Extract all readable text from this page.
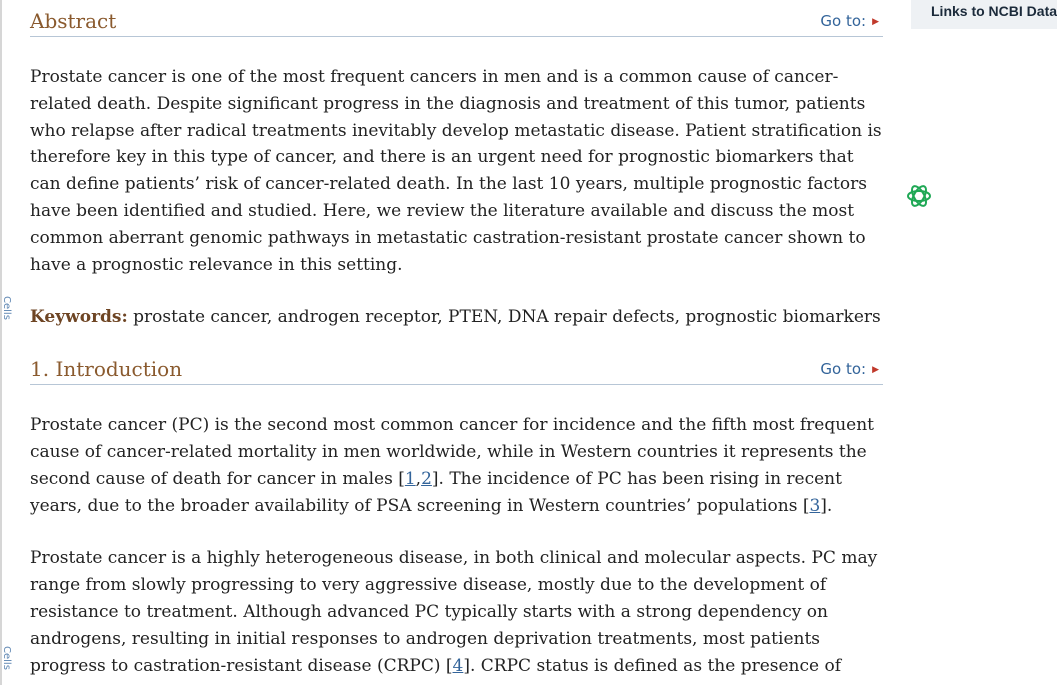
Cells
Cells
Links to NCBI Data
Abstract	Go to: ▶

Prostate cancer is one of the most frequent cancers in men and is a common cause of cancer-related death. Despite significant progress in the diagnosis and treatment of this tumor, patients who relapse after radical treatments inevitably develop metastatic disease. Patient stratification is therefore key in this type of cancer, and there is an urgent need for prognostic biomarkers that can define patients’ risk of cancer-related death. In the last 10 years, multiple prognostic factors have been identified and studied. Here, we review the literature available and discuss the most common aberrant genomic pathways in metastatic castration-resistant prostate cancer shown to have a prognostic relevance in this setting.

Keywords: prostate cancer, androgen receptor, PTEN, DNA repair defects, prognostic biomarkers

1. Introduction	Go to: ▶

Prostate cancer (PC) is the second most common cancer for incidence and the fifth most frequent cause of cancer-related mortality in men worldwide, while in Western countries it represents the second cause of death for cancer in males [1,2]. The incidence of PC has been rising in recent years, due to the broader availability of PSA screening in Western countries’ populations [3].

Prostate cancer is a highly heterogeneous disease, in both clinical and molecular aspects. PC may range from slowly progressing to very aggressive disease, mostly due to the development of resistance to treatment. Although advanced PC typically starts with a strong dependency on androgens, resulting in initial responses to androgen deprivation treatments, most patients progress to castration-resistant disease (CRPC) [4]. CRPC status is defined as the presence of
